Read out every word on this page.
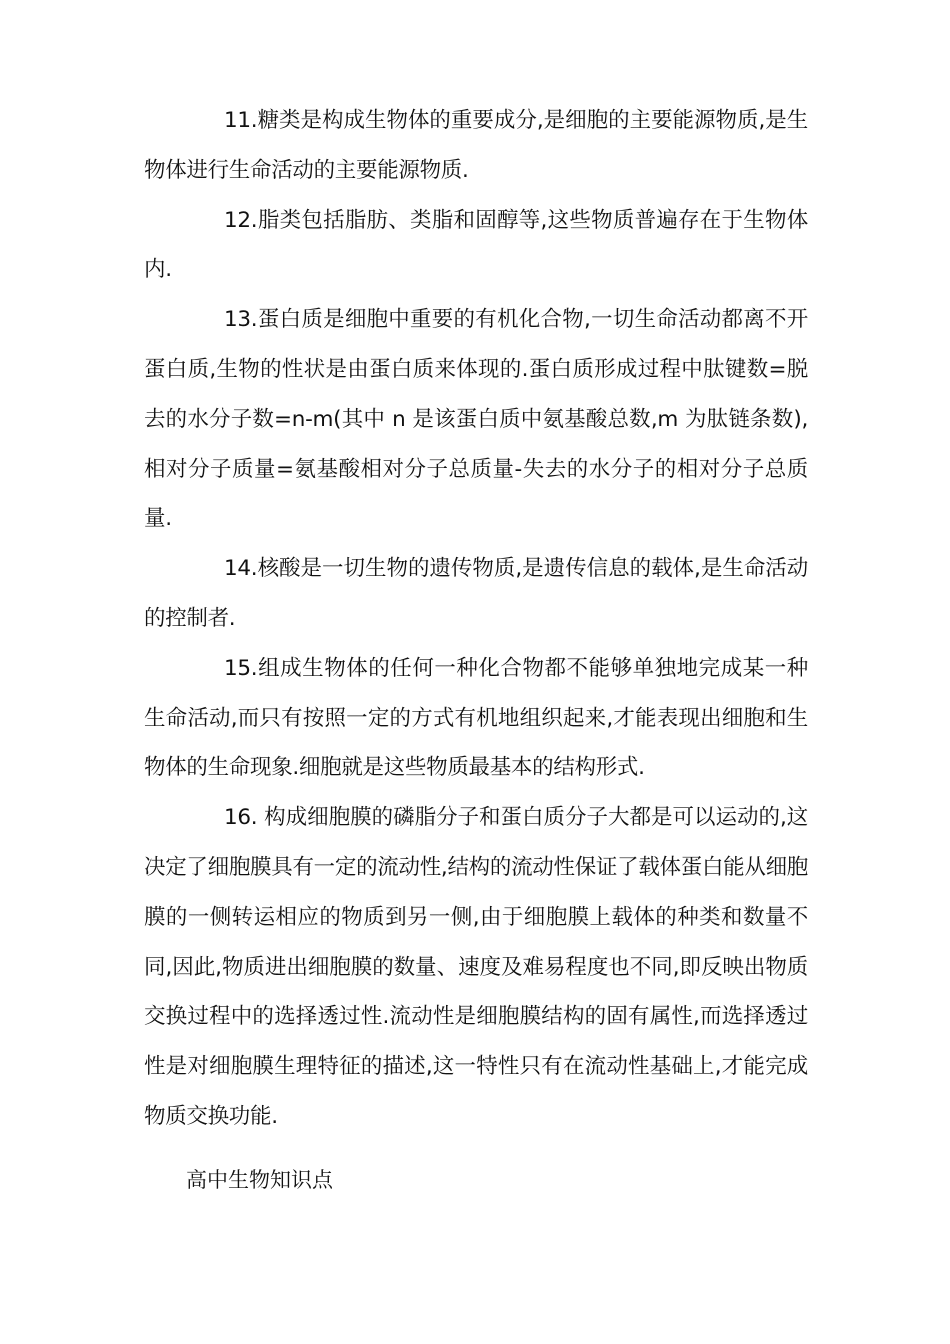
11.糖类是构成生物体的重要成分,是细胞的主要能源物质,是生物体进行生命活动的主要能源物质.

12.脂类包括脂肪、类脂和固醇等,这些物质普遍存在于生物体内.

13.蛋白质是细胞中重要的有机化合物,一切生命活动都离不开蛋白质,生物的性状是由蛋白质来体现的.蛋白质形成过程中肽键数=脱去的水分子数=n-m(其中 n 是该蛋白质中氨基酸总数,m 为肽链条数),相对分子质量=氨基酸相对分子总质量-失去的水分子的相对分子总质量.

14.核酸是一切生物的遗传物质,是遗传信息的载体,是生命活动的控制者.

15.组成生物体的任何一种化合物都不能够单独地完成某一种生命活动,而只有按照一定的方式有机地组织起来,才能表现出细胞和生物体的生命现象.细胞就是这些物质最基本的结构形式.

16. 构成细胞膜的磷脂分子和蛋白质分子大都是可以运动的,这决定了细胞膜具有一定的流动性,结构的流动性保证了载体蛋白能从细胞膜的一侧转运相应的物质到另一侧,由于细胞膜上载体的种类和数量不同,因此,物质进出细胞膜的数量、速度及难易程度也不同,即反映出物质交换过程中的选择透过性.流动性是细胞膜结构的固有属性,而选择透过性是对细胞膜生理特征的描述,这一特性只有在流动性基础上,才能完成物质交换功能.

高中生物知识点
